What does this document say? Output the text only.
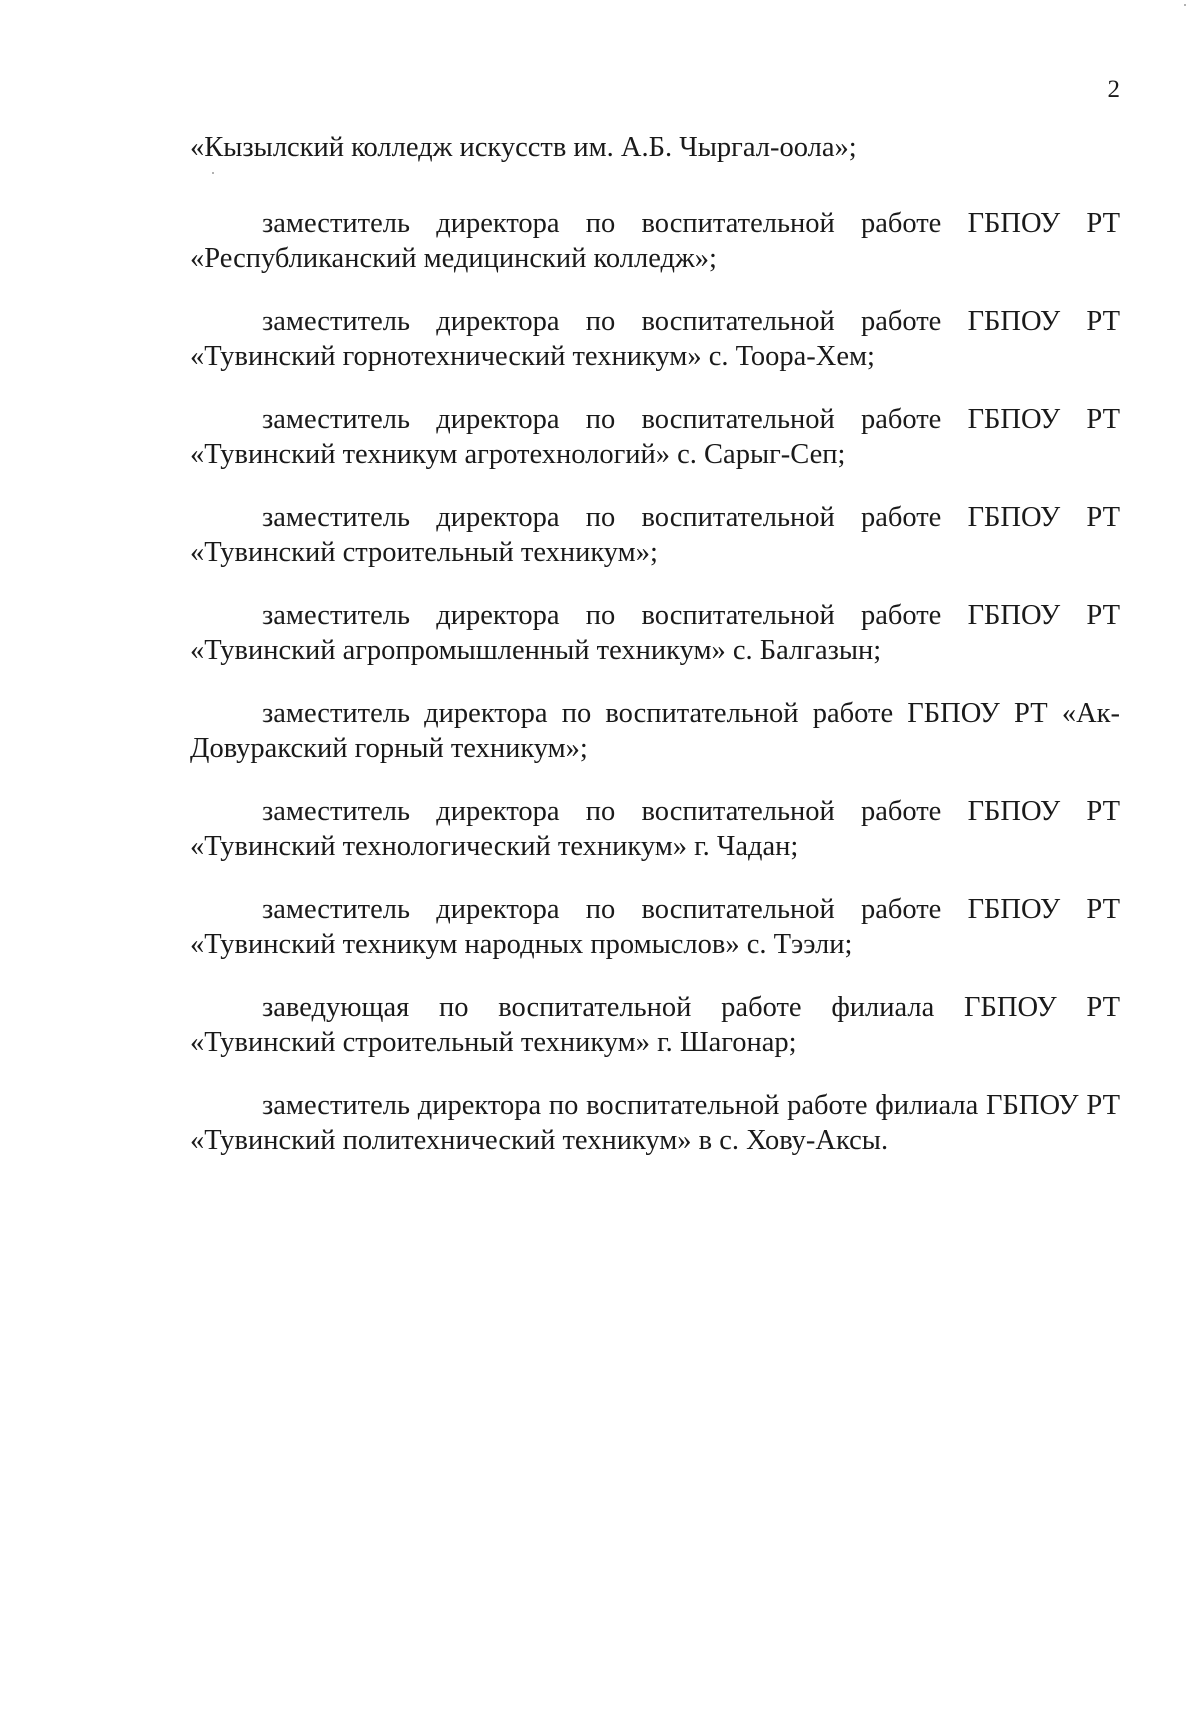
2

«Кызылский колледж искусств им. А.Б. Чыргал-оола»;

заместитель директора по воспитательной работе ГБПОУ РТ
«Республиканский медицинский колледж»;

заместитель директора по воспитательной работе ГБПОУ РТ
«Тувинский горнотехнический техникум» с. Тоора-Хем;

заместитель директора по воспитательной работе ГБПОУ РТ
«Тувинский техникум агротехнологий» с. Сарыг-Сеп;

заместитель директора по воспитательной работе ГБПОУ РТ
«Тувинский строительный техникум»;

заместитель директора по воспитательной работе ГБПОУ РТ
«Тувинский агропромышленный техникум» с. Балгазын;

заместитель директора по воспитательной работе ГБПОУ РТ «Ак-
Довуракский горный техникум»;

заместитель директора по воспитательной работе ГБПОУ РТ
«Тувинский технологический техникум» г. Чадан;

заместитель директора по воспитательной работе ГБПОУ РТ
«Тувинский техникум народных промыслов» с. Тээли;

заведующая по воспитательной работе филиала ГБПОУ РТ
«Тувинский строительный техникум» г. Шагонар;

заместитель директора по воспитательной работе филиала ГБПОУ РТ
«Тувинский политехнический техникум» в с. Хову-Аксы.
